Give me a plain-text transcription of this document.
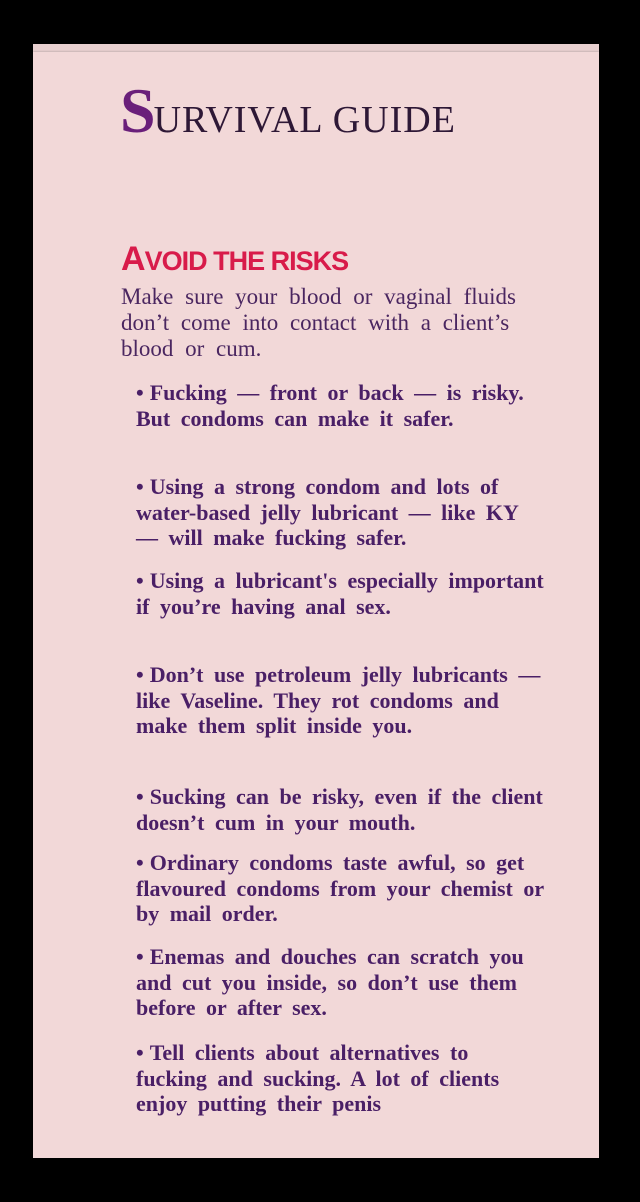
SURVIVAL GUIDE
AVOID THE RISKS
Make sure your blood or vaginal fluids don’t come into contact with a client’s blood or cum.
• Fucking — front or back — is risky. But condoms can make it safer.
• Using a strong condom and lots of water-based jelly lubricant — like KY — will make fucking safer.
• Using a lubricant's especially important if you’re having anal sex.
• Don’t use petroleum jelly lubricants — like Vaseline. They rot condoms and make them split inside you.
• Sucking can be risky, even if the client doesn’t cum in your mouth.
• Ordinary condoms taste awful, so get flavoured condoms from your chemist or by mail order.
• Enemas and douches can scratch you and cut you inside, so don’t use them before or after sex.
• Tell clients about alternatives to fucking and sucking. A lot of clients enjoy putting their penis
